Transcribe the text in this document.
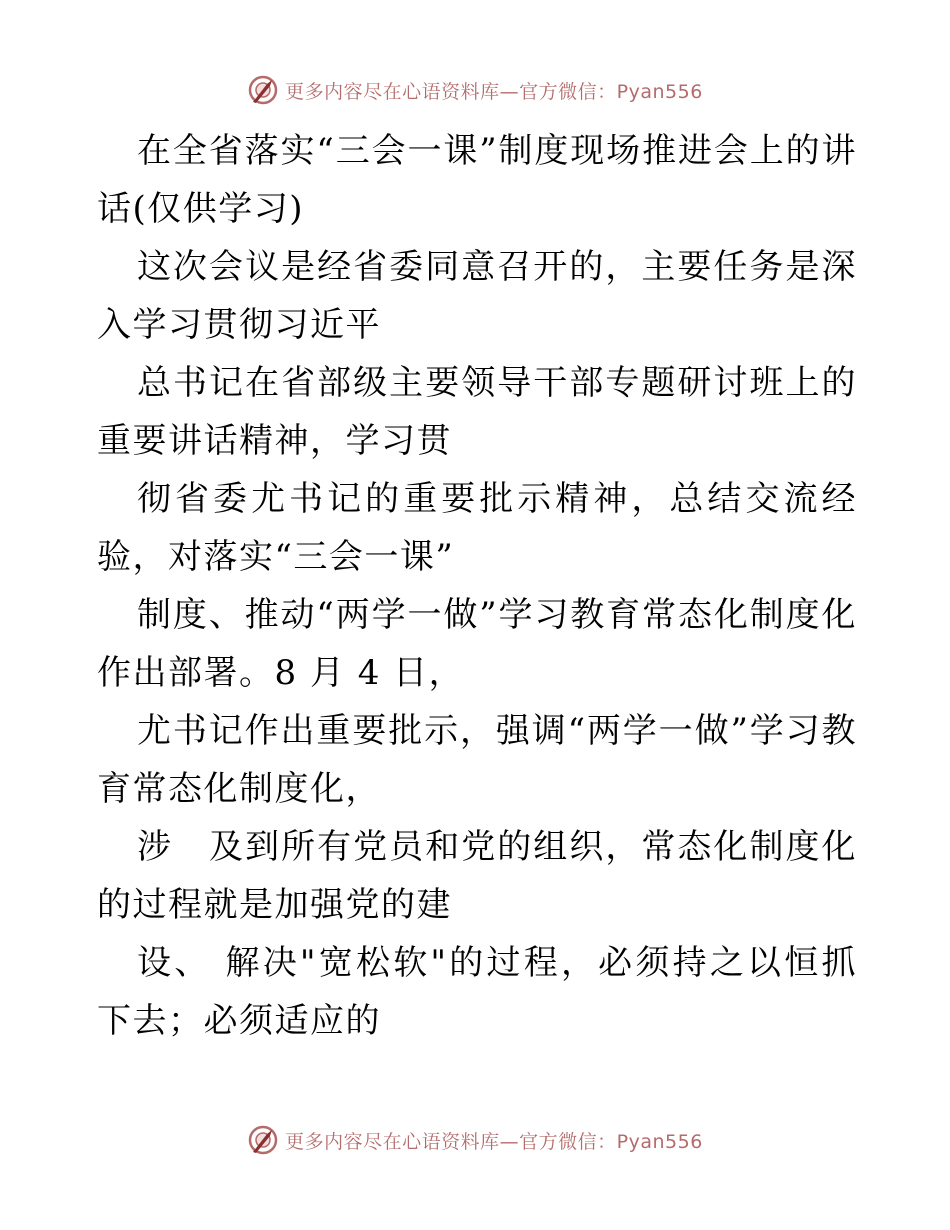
更多内容尽在心语资料库—官方微信：Pyan556

在全省落实“三会一课”制度现场推进会上的讲话(仅供学习)

这次会议是经省委同意召开的，主要任务是深入学习贯彻习近平

总书记在省部级主要领导干部专题研讨班上的重要讲话精神，学习贯

彻省委尤书记的重要批示精神，总结交流经验，对落实“三会一课”

制度、推动“两学一做”学习教育常态化制度化作出部署。8 月 4 日，

尤书记作出重要批示，强调“两学一做”学习教育常态化制度化，

涉　及到所有党员和党的组织，常态化制度化的过程就是加强党的建

设、 解决"宽松软"的过程，必须持之以恒抓下去；必须适应的

更多内容尽在心语资料库—官方微信：Pyan556
